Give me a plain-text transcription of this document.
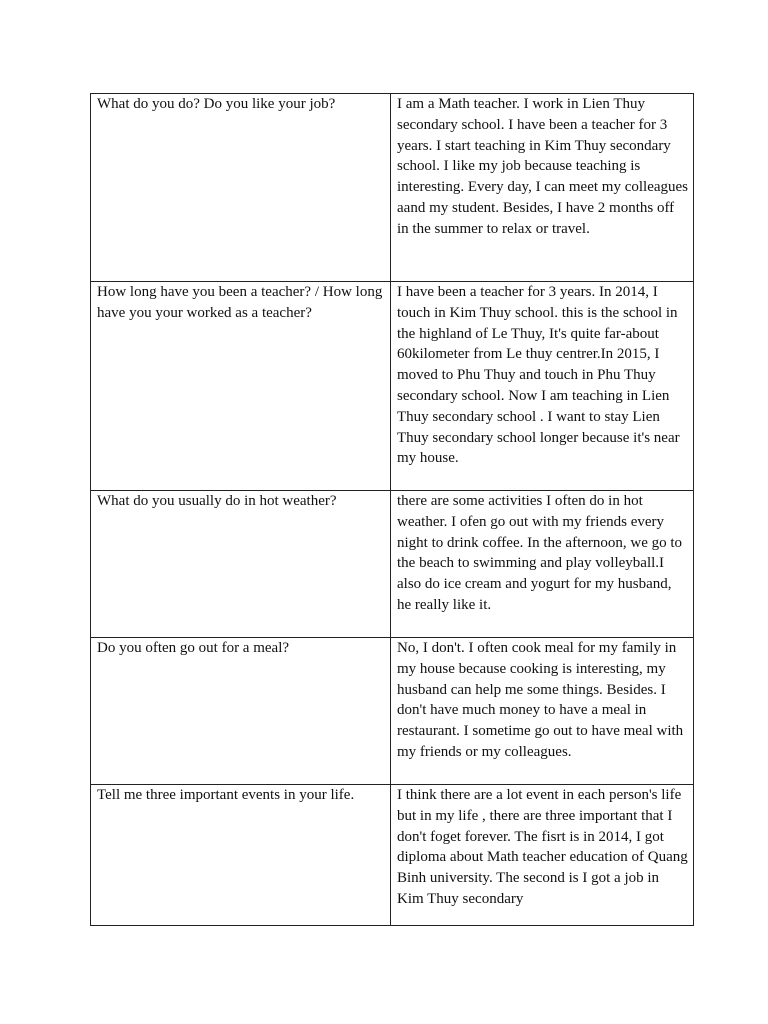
What do you do? Do you like your job?	I am a Math teacher. I work in Lien Thuy secondary school. I have been a teacher for 3 years. I start teaching in Kim Thuy secondary school. I like my job because teaching is interesting. Every day, I can meet my colleagues aand my student. Besides, I have 2 months off in the summer to relax or travel.

How long have you been a teacher? / How long have you your worked as a teacher?	I have been a teacher for 3 years. In 2014, I touch in Kim Thuy school. this is the school in the highland of Le Thuy, It's quite far-about 60kilometer from Le thuy centrer.In 2015, I moved to Phu Thuy and touch in Phu Thuy secondary school. Now I am teaching in Lien Thuy secondary school . I want to stay Lien Thuy secondary school longer because it's near my house.

What do you usually do in hot weather?	there are some activities I often do in hot weather. I ofen go out with my friends every night to drink coffee. In the afternoon, we go to the beach to swimming and play volleyball.I also do ice cream and yogurt for my husband, he really like it.

Do you often go out for a meal?	No, I don't. I often cook meal for my family in my house because cooking is interesting, my husband can help me some things. Besides. I don't have much money to have a meal in restaurant. I sometime go out to have meal with my friends or my colleagues.

Tell me three important events in your life.	I think there are a lot event in each person's life but in my life , there are three important that I don't foget forever. The fisrt is in 2014, I got diploma about Math teacher education of Quang Binh university. The second is I got a job in Kim Thuy secondary
